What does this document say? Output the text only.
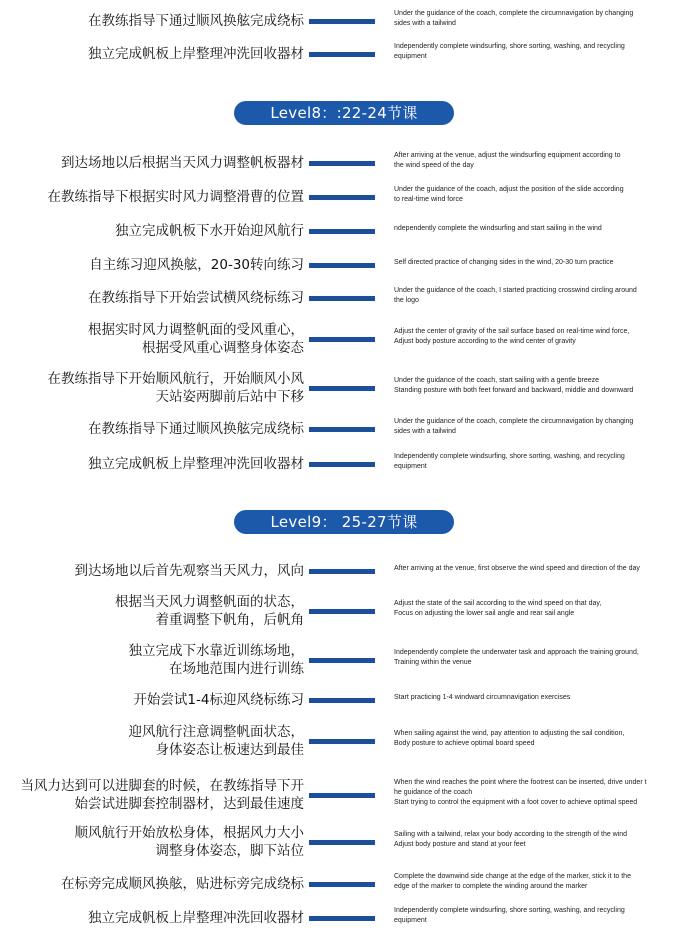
在教练指导下通过顺风换舷完成绕标	Under the guidance of the coach, complete the circumnavigation by changing
sides with a tailwind
独立完成帆板上岸整理冲洗回收器材	Independently complete windsurfing, shore sorting, washing, and recycling
equipment
到达场地以后根据当天风力调整帆板器材	After arriving at the venue, adjust the windsurfing equipment according to
the wind speed of the day
在教练指导下根据实时风力调整滑曹的位置	Under the guidance of the coach, adjust the position of the slide according
to real-time wind force
独立完成帆板下水开始迎风航行	ndependently complete the windsurfing and start sailing in the wind
自主练习迎风换舷，20-30转向练习	Self directed practice of changing sides in the wind, 20-30 turn practice
在教练指导下开始尝试横风绕标练习	Under the guidance of the coach, I started practicing crosswind circling around
the logo
根据实时风力调整帆面的受风重心，
根据受风重心调整身体姿态
Adjust the center of gravity of the sail surface based on real-time wind force,
Adjust body posture according to the wind center of gravity
在教练指导下开始顺风航行，开始顺风小风
天站姿两脚前后站中下移
Under the guidance of the coach, start sailing with a gentle breeze
Standing posture with both feet forward and backward, middle and downward
在教练指导下通过顺风换舷完成绕标	Under the guidance of the coach, complete the circumnavigation by changing
sides with a tailwind
独立完成帆板上岸整理冲洗回收器材	Independently complete windsurfing, shore sorting, washing, and recycling
equipment
到达场地以后首先观察当天风力，风向	After arriving at the venue, first observe the wind speed and direction of the day
根据当天风力调整帆面的状态，
着重调整下帆角，后帆角
Adjust the state of the sail according to the wind speed on that day,
Focus on adjusting the lower sail angle and rear sail angle
独立完成下水靠近训练场地，
在场地范围内进行训练
Independently complete the underwater task and approach the training ground,
Training within the venue
开始尝试1-4标迎风绕标练习	Start practicing 1-4 windward circumnavigation exercises
迎风航行注意调整帆面状态，
身体姿态让板速达到最佳
When sailing against the wind, pay attention to adjusting the sail condition,
Body posture to achieve optimal board speed
当风力达到可以进脚套的时候，在教练指导下开
始尝试进脚套控制器材，达到最佳速度
When the wind reaches the point where the footrest can be inserted, drive under t
he guidance of the coach
Start trying to control the equipment with a foot cover to achieve optimal speed
顺风航行开始放松身体，根据风力大小
调整身体姿态，脚下站位
Sailing with a tailwind, relax your body according to the strength of the wind
Adjust body posture and stand at your feet
在标旁完成顺风换舷，贴进标旁完成绕标	Complete the downwind side change at the edge of the marker, stick it to the
edge of the marker to complete the winding around the marker
独立完成帆板上岸整理冲洗回收器材	Independently complete windsurfing, shore sorting, washing, and recycling
equipment
Level8：:22-24节课
Level9： 25-27节课
